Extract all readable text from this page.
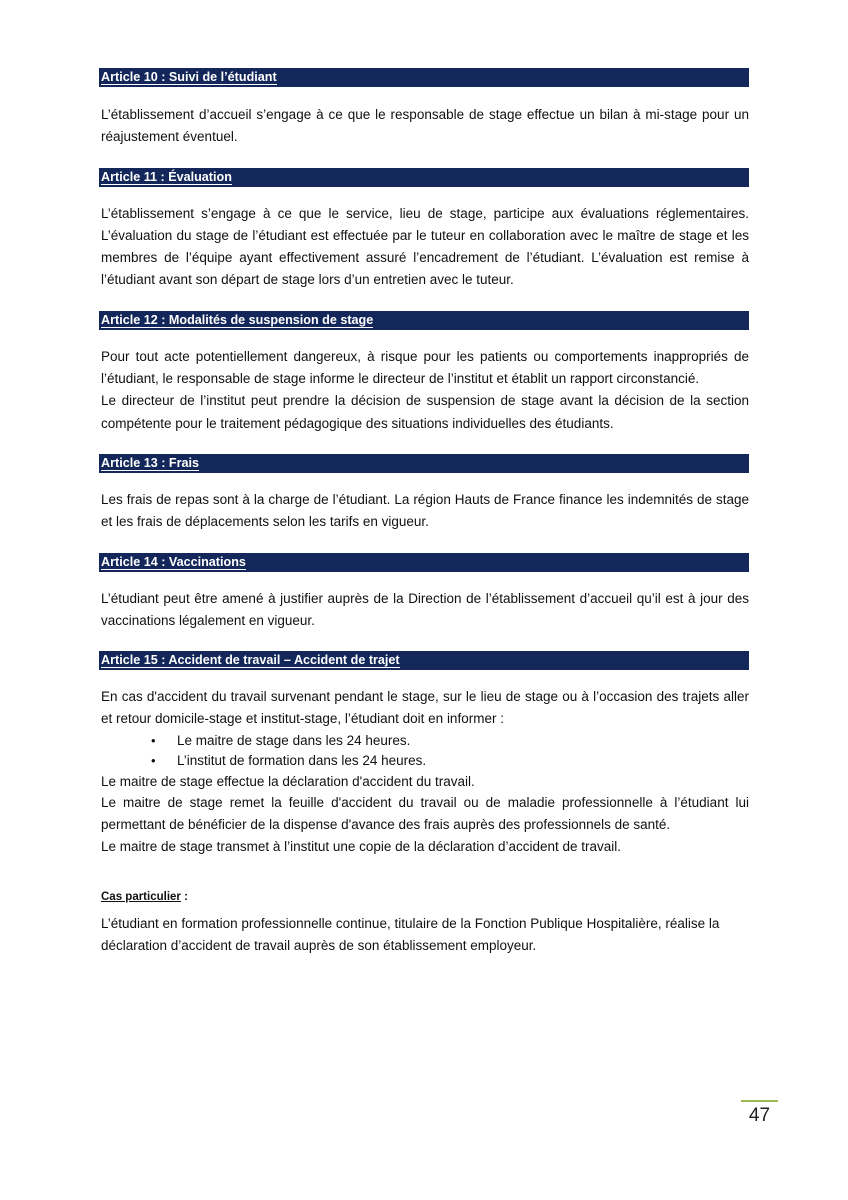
Article 10 : Suivi de l’étudiant

L’établissement d’accueil s’engage à ce que le responsable de stage effectue un bilan à mi-stage pour un réajustement éventuel.

Article 11 : Évaluation

L’établissement s’engage à ce que le service, lieu de stage, participe aux évaluations réglementaires. L’évaluation du stage de l’étudiant est effectuée par le tuteur en collaboration avec le maître de stage et les membres de l’équipe ayant effectivement assuré l’encadrement de l’étudiant. L’évaluation est remise à l’étudiant avant son départ de stage lors d’un entretien avec le tuteur.

Article 12 : Modalités de suspension de stage

Pour tout acte potentiellement dangereux, à risque pour les patients ou comportements inappropriés de l’étudiant, le responsable de stage informe le directeur de l’institut et établit un rapport circonstancié.

Le directeur de l’institut peut prendre la décision de suspension de stage avant la décision de la section compétente pour le traitement pédagogique des situations individuelles des étudiants.

Article 13 : Frais

Les frais de repas sont à la charge de l’étudiant. La région Hauts de France finance les indemnités de stage et les frais de déplacements selon les tarifs en vigueur.

Article 14 : Vaccinations

L’étudiant peut être amené à justifier auprès de la Direction de l’établissement d’accueil qu’il est à jour des vaccinations légalement en vigueur.

Article 15 : Accident de travail – Accident de trajet

En cas d'accident du travail survenant pendant le stage, sur le lieu de stage ou à l’occasion des trajets aller et retour domicile-stage et institut-stage, l’étudiant doit en informer :

• Le maitre de stage dans les 24 heures.
• L’institut de formation dans les 24 heures.

Le maitre de stage effectue la déclaration d'accident du travail.

Le maitre de stage remet la feuille d'accident du travail ou de maladie professionnelle à l’étudiant lui permettant de bénéficier de la dispense d'avance des frais auprès des professionnels de santé.

Le maitre de stage transmet à l’institut une copie de la déclaration d’accident de travail.

Cas particulier :

L’étudiant en formation professionnelle continue, titulaire de la Fonction Publique Hospitalière, réalise la déclaration d’accident de travail auprès de son établissement employeur.

47
